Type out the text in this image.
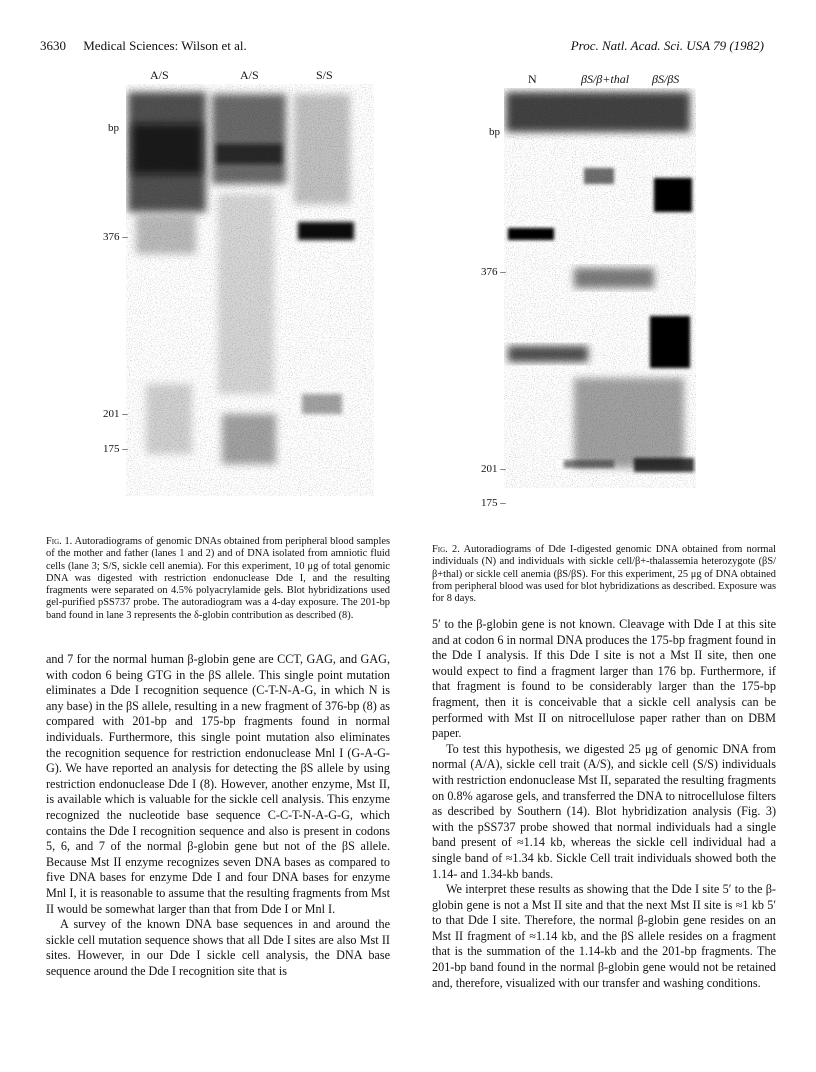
3630 Medical Sciences: Wilson et al.	Proc. Natl. Acad. Sci. USA 79 (1982)
A/S	A/S	S/S
bp
376 –
201 –
175 –
N	βS/β+thal βS/βS
bp
376 –
201 –
175 –
Fig. 1. Autoradiograms of genomic DNAs obtained from peripheral blood samples of the mother and father (lanes 1 and 2) and of DNA isolated from amniotic fluid cells (lane 3; S/S, sickle cell anemia). For this experiment, 10 μg of total genomic DNA was digested with restriction endonuclease Dde I, and the resulting fragments were separated on 4.5% polyacrylamide gels. Blot hybridizations used gel-purified pSS737 probe. The autoradiogram was a 4-day exposure. The 201-bp band found in lane 3 represents the δ-globin contribution as described (8).
Fig. 2. Autoradiograms of Dde I-digested genomic DNA obtained from normal individuals (N) and individuals with sickle cell/β+-thalassemia heterozygote (βS/β+thal) or sickle cell anemia (βS/βS). For this experiment, 25 μg of DNA obtained from peripheral blood was used for blot hybridizations as described. Exposure was for 8 days.

and 7 for the normal human β-globin gene are CCT, GAG, and GAG, with codon 6 being GTG in the βS allele. This single point mutation eliminates a Dde I recognition sequence (C-T-N-A-G, in which N is any base) in the βS allele, resulting in a new fragment of 376-bp (8) as compared with 201-bp and 175-bp fragments found in normal individuals. Furthermore, this single point mutation also eliminates the recognition sequence for restriction endonuclease Mnl I (G-A-G-G). We have reported an analysis for detecting the βS allele by using restriction endonuclease Dde I (8). However, another enzyme, Mst II, is available which is valuable for the sickle cell analysis. This enzyme recognized the nucleotide base sequence C-C-T-N-A-G-G, which contains the Dde I recognition sequence and also is present in codons 5, 6, and 7 of the normal β-globin gene but not of the βS allele. Because Mst II enzyme recognizes seven DNA bases as compared to five DNA bases for enzyme Dde I and four DNA bases for enzyme Mnl I, it is reasonable to assume that the resulting fragments from Mst II would be somewhat larger than that from Dde I or Mnl I.

A survey of the known DNA base sequences in and around the sickle cell mutation sequence shows that all Dde I sites are also Mst II sites. However, in our Dde I sickle cell analysis, the DNA base sequence around the Dde I recognition site that is

5′ to the β-globin gene is not known. Cleavage with Dde I at this site and at codon 6 in normal DNA produces the 175-bp fragment found in the Dde I analysis. If this Dde I site is not a Mst II site, then one would expect to find a fragment larger than 176 bp. Furthermore, if that fragment is found to be considerably larger than the 175-bp fragment, then it is conceivable that a sickle cell analysis can be performed with Mst II on nitrocellulose paper rather than on DBM paper.

To test this hypothesis, we digested 25 μg of genomic DNA from normal (A/A), sickle cell trait (A/S), and sickle cell (S/S) individuals with restriction endonuclease Mst II, separated the resulting fragments on 0.8% agarose gels, and transferred the DNA to nitrocellulose filters as described by Southern (14). Blot hybridization analysis (Fig. 3) with the pSS737 probe showed that normal individuals had a single band present of ≈1.14 kb, whereas the sickle cell individual had a single band of ≈1.34 kb. Sickle Cell trait individuals showed both the 1.14- and 1.34-kb bands.

We interpret these results as showing that the Dde I site 5′ to the β-globin gene is not a Mst II site and that the next Mst II site is ≈1 kb 5′ to that Dde I site. Therefore, the normal β-globin gene resides on an Mst II fragment of ≈1.14 kb, and the βS allele resides on a fragment that is the summation of the 1.14-kb and the 201-bp fragments. The 201-bp band found in the normal β-globin gene would not be retained and, therefore, visualized with our transfer and washing conditions.
